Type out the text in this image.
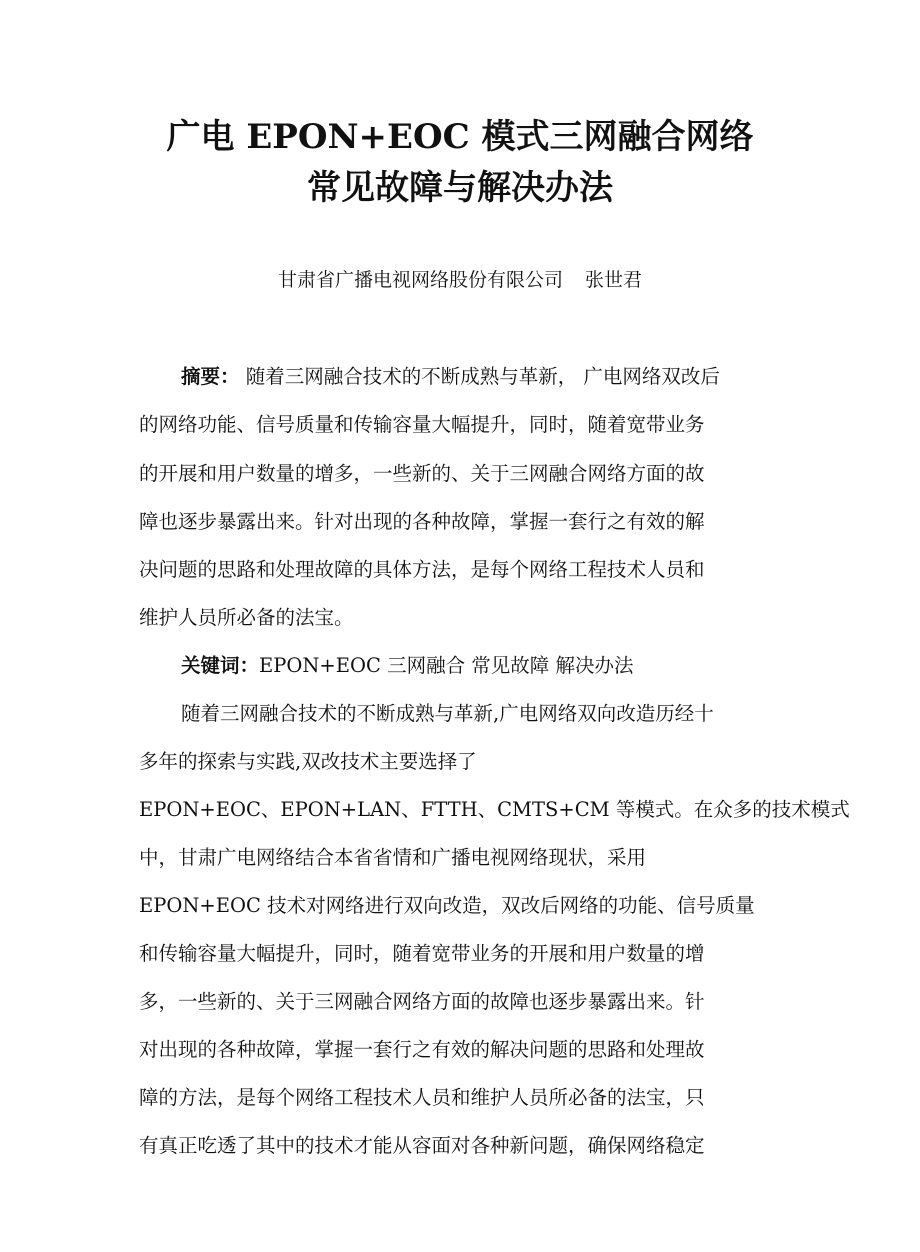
广电 EPON+EOC 模式三网融合网络
常见故障与解决办法
甘肃省广播电视网络股份有限公司 张世君
摘要： 随着三网融合技术的不断成熟与革新， 广电网络双改后
的网络功能、信号质量和传输容量大幅提升，同时，随着宽带业务
的开展和用户数量的增多，一些新的、关于三网融合网络方面的故
障也逐步暴露出来。针对出现的各种故障，掌握一套行之有效的解
决问题的思路和处理故障的具体方法，是每个网络工程技术人员和
维护人员所必备的法宝。
关键词：EPON+EOC 三网融合 常见故障 解决办法
随着三网融合技术的不断成熟与革新,广电网络双向改造历经十
多年的探索与实践,双改技术主要选择了
EPON+EOC、EPON+LAN、FTTH、CMTS+CM 等模式。在众多的技术模式
中，甘肃广电网络结合本省省情和广播电视网络现状，采用
EPON+EOC 技术对网络进行双向改造，双改后网络的功能、信号质量
和传输容量大幅提升，同时，随着宽带业务的开展和用户数量的增
多，一些新的、关于三网融合网络方面的故障也逐步暴露出来。针
对出现的各种故障，掌握一套行之有效的解决问题的思路和处理故
障的方法，是每个网络工程技术人员和维护人员所必备的法宝，只
有真正吃透了其中的技术才能从容面对各种新问题，确保网络稳定
